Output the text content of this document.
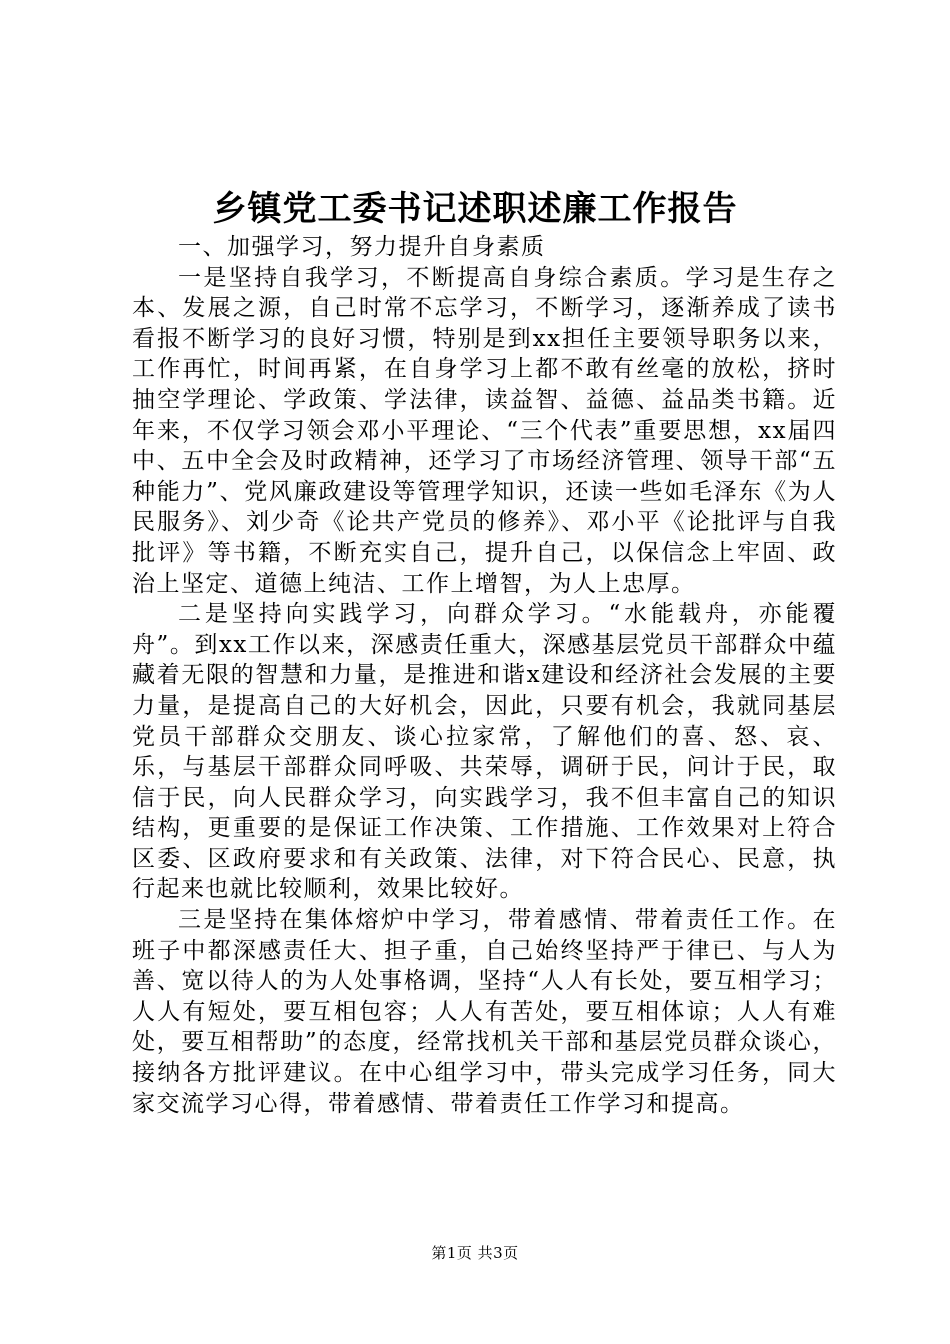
乡镇党工委书记述职述廉工作报告

一、加强学习，努力提升自身素质

一是坚持自我学习，不断提高自身综合素质。学习是生存之本、发展之源，自己时常不忘学习，不断学习，逐渐养成了读书看报不断学习的良好习惯，特别是到xx担任主要领导职务以来，工作再忙，时间再紧，在自身学习上都不敢有丝毫的放松，挤时抽空学理论、学政策、学法律，读益智、益德、益品类书籍。近年来，不仅学习领会邓小平理论、“三个代表”重要思想，xx届四中、五中全会及时政精神，还学习了市场经济管理、领导干部“五种能力”、党风廉政建设等管理学知识，还读一些如毛泽东《为人民服务》、刘少奇《论共产党员的修养》、邓小平《论批评与自我批评》等书籍，不断充实自己，提升自己，以保信念上牢固、政治上坚定、道德上纯洁、工作上增智，为人上忠厚。

二是坚持向实践学习，向群众学习。“水能载舟，亦能覆舟”。到xx工作以来，深感责任重大，深感基层党员干部群众中蕴藏着无限的智慧和力量，是推进和谐x建设和经济社会发展的主要力量，是提高自己的大好机会，因此，只要有机会，我就同基层党员干部群众交朋友、谈心拉家常，了解他们的喜、怒、哀、乐，与基层干部群众同呼吸、共荣辱，调研于民，问计于民，取信于民，向人民群众学习，向实践学习，我不但丰富自己的知识结构，更重要的是保证工作决策、工作措施、工作效果对上符合区委、区政府要求和有关政策、法律，对下符合民心、民意，执行起来也就比较顺利，效果比较好。

三是坚持在集体熔炉中学习，带着感情、带着责任工作。在班子中都深感责任大、担子重，自己始终坚持严于律已、与人为善、宽以待人的为人处事格调，坚持“人人有长处，要互相学习；人人有短处，要互相包容；人人有苦处，要互相体谅；人人有难处，要互相帮助”的态度，经常找机关干部和基层党员群众谈心，接纳各方批评建议。在中心组学习中，带头完成学习任务，同大家交流学习心得，带着感情、带着责任工作学习和提高。

第1页 共3页
